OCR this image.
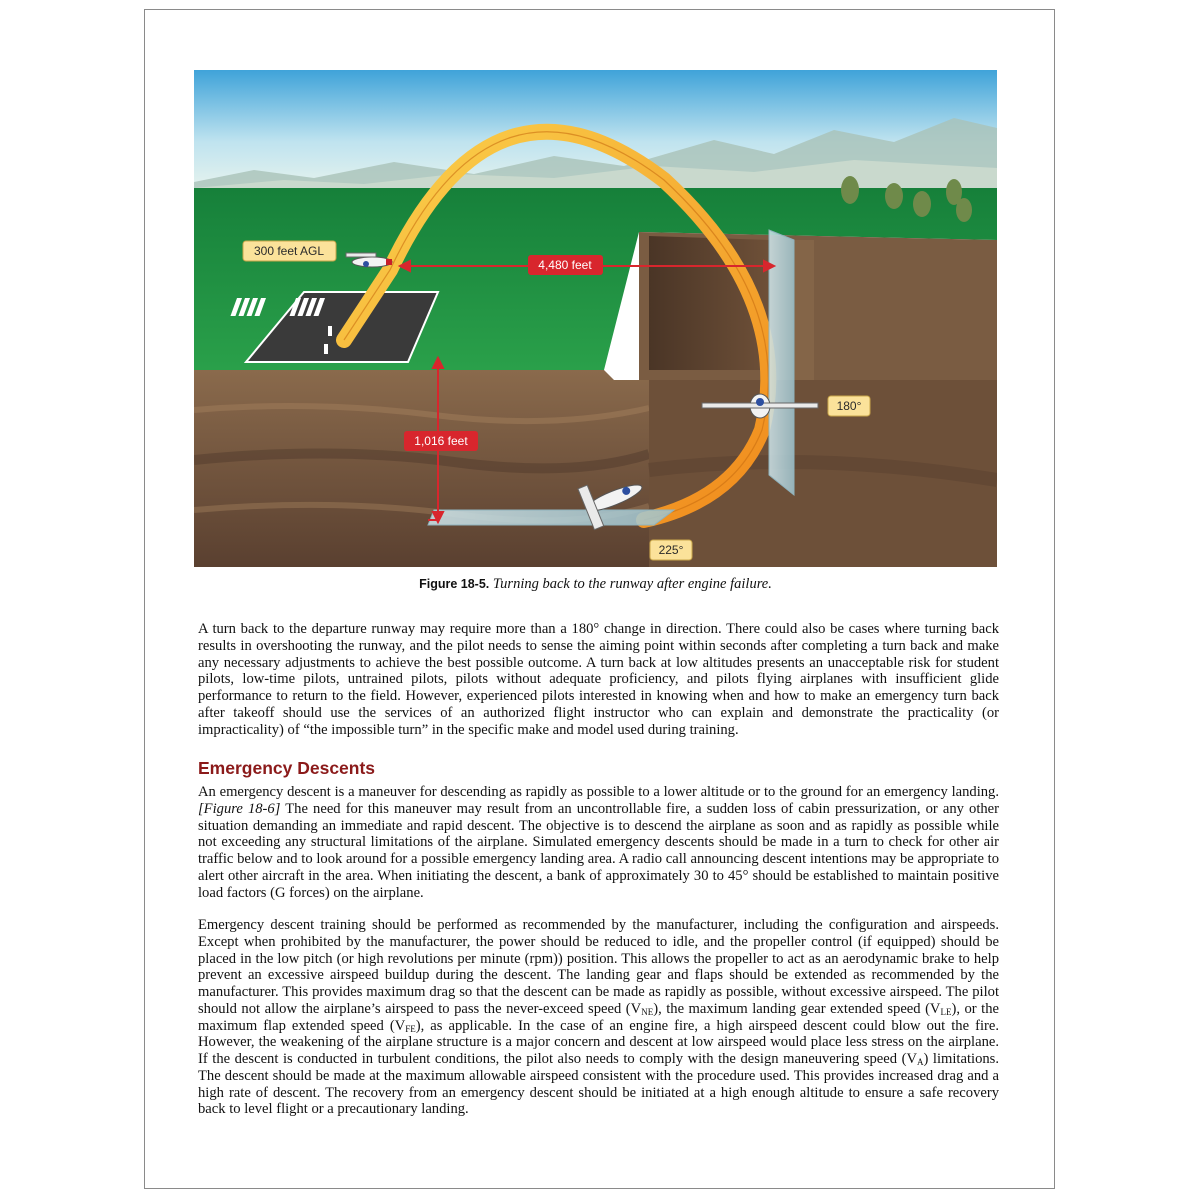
300 feet AGL
4,480 feet
1,016 feet
180°
225°
Figure 18-5. Turning back to the runway after engine failure.

A turn back to the departure runway may require more than a 180° change in direction. There could also be cases where turning back results in overshooting the runway, and the pilot needs to sense the aiming point within seconds after completing a turn back and make any necessary adjustments to achieve the best possible outcome. A turn back at low altitudes presents an unacceptable risk for student pilots, low-time pilots, untrained pilots, pilots without adequate proficiency, and pilots flying airplanes with insufficient glide performance to return to the field. However, experienced pilots interested in knowing when and how to make an emergency turn back after takeoff should use the services of an authorized flight instructor who can explain and demonstrate the practicality (or impracticality) of “the impossible turn” in the specific make and model used during training.

Emergency Descents

An emergency descent is a maneuver for descending as rapidly as possible to a lower altitude or to the ground for an emergency landing. [Figure 18-6] The need for this maneuver may result from an uncontrollable fire, a sudden loss of cabin pressurization, or any other situation demanding an immediate and rapid descent. The objective is to descend the airplane as soon and as rapidly as possible while not exceeding any structural limitations of the airplane. Simulated emergency descents should be made in a turn to check for other air traffic below and to look around for a possible emergency landing area. A radio call announcing descent intentions may be appropriate to alert other aircraft in the area. When initiating the descent, a bank of approximately 30 to 45° should be established to maintain positive load factors (G forces) on the airplane.

Emergency descent training should be performed as recommended by the manufacturer, including the configuration and airspeeds. Except when prohibited by the manufacturer, the power should be reduced to idle, and the propeller control (if equipped) should be placed in the low pitch (or high revolutions per minute (rpm)) position. This allows the propeller to act as an aerodynamic brake to help prevent an excessive airspeed buildup during the descent. The landing gear and flaps should be extended as recommended by the manufacturer. This provides maximum drag so that the descent can be made as rapidly as possible, without excessive airspeed. The pilot should not allow the airplane’s airspeed to pass the never-exceed speed $(V_{NE})$, the maximum landing gear extended speed $(V_{LE})$, or the maximum flap extended speed $(V_{FE})$, as applicable. In the case of an engine fire, a high airspeed descent could blow out the fire. However, the weakening of the airplane structure is a major concern and descent at low airspeed would place less stress on the airplane. If the descent is conducted in turbulent conditions, the pilot also needs to comply with the design maneuvering speed $(V_A)$ limitations. The descent should be made at the maximum allowable airspeed consistent with the procedure used. This provides increased drag and a high rate of descent. The recovery from an emergency descent should be initiated at a high enough altitude to ensure a safe recovery back to level flight or a precautionary landing.
